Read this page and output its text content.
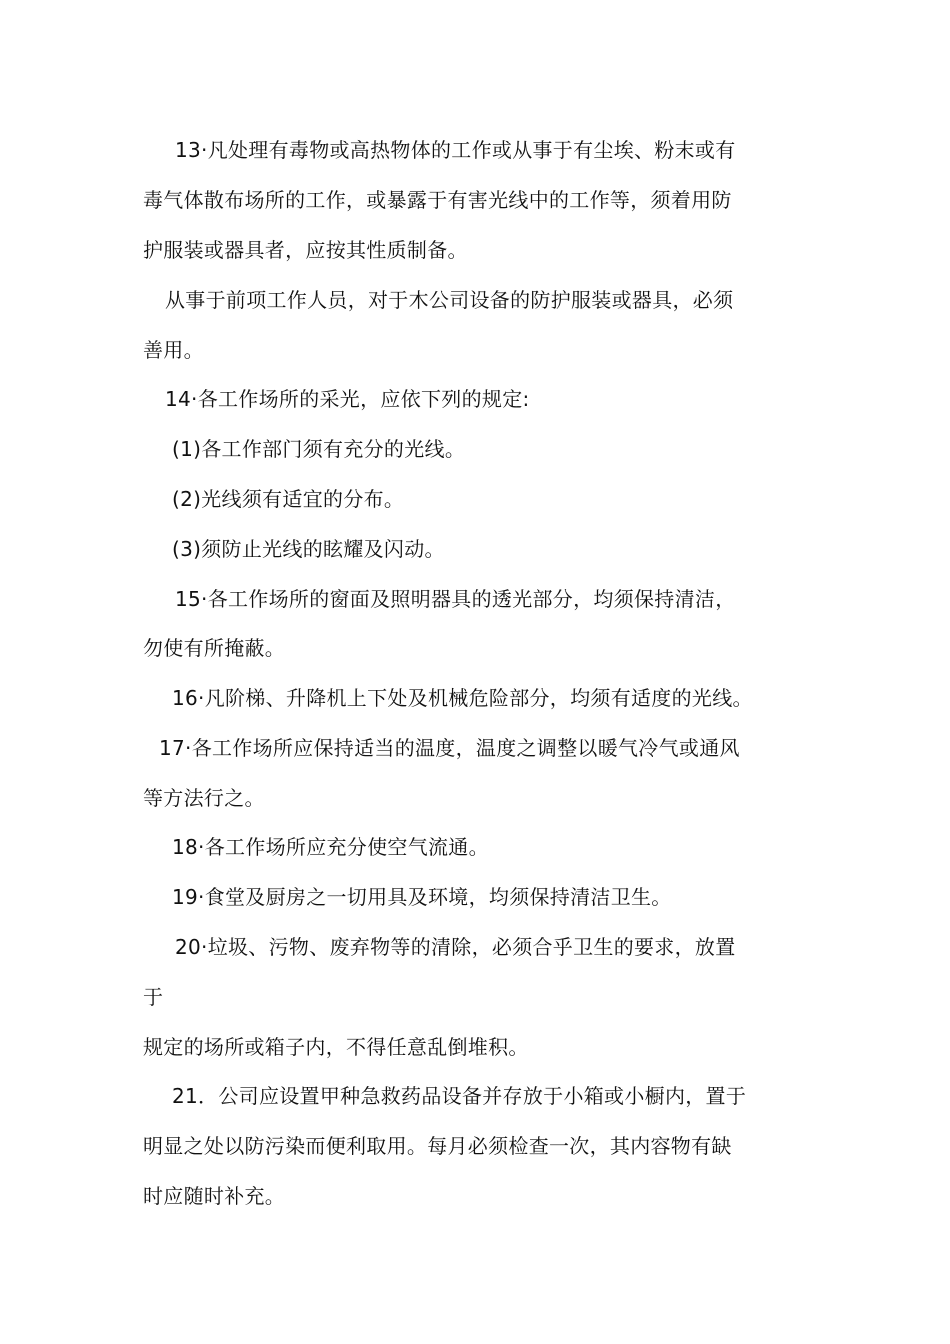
13·凡处理有毒物或高热物体的工作或从事于有尘埃、粉末或有
毒气体散布场所的工作，或暴露于有害光线中的工作等，须着用防
护服装或器具者，应按其性质制备。
从事于前项工作人员，对于木公司设备的防护服装或器具，必须
善用。
14·各工作场所的采光，应依下列的规定:
(1)各工作部门须有充分的光线。
(2)光线须有适宜的分布。
(3)须防止光线的眩耀及闪动。
15·各工作场所的窗面及照明器具的透光部分，均须保持清洁，
勿使有所掩蔽。
16·凡阶梯、升降机上下处及机械危险部分，均须有适度的光线。
17·各工作场所应保持适当的温度，温度之调整以暖气冷气或通风
等方法行之。
18·各工作场所应充分使空气流通。
19·食堂及厨房之一切用具及环境，均须保持清洁卫生。
20·垃圾、污物、废弃物等的清除，必须合乎卫生的要求，放置
于
规定的场所或箱子内，不得任意乱倒堆积。
21．公司应设置甲种急救药品设备并存放于小箱或小橱内，置于
明显之处以防污染而便利取用。每月必须检查一次，其内容物有缺
时应随时补充。
